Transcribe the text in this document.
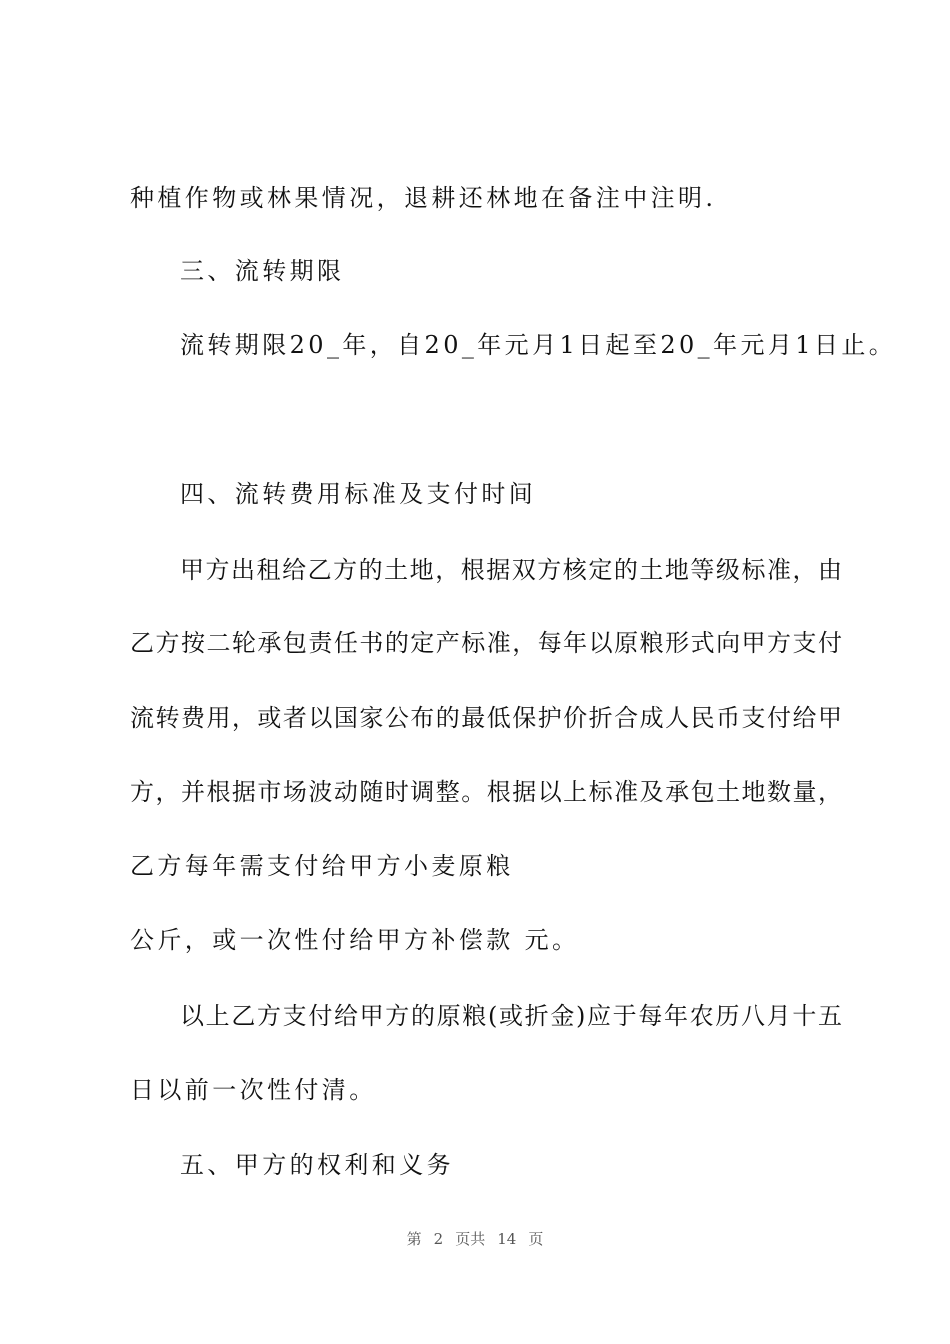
种植作物或林果情况，退耕还林地在备注中注明.
三、流转期限
流转期限20_年，自20_年元月1日起至20_年元月1日止。
四、流转费用标准及支付时间
甲方出租给乙方的土地，根据双方核定的土地等级标准，由
乙方按二轮承包责任书的定产标准，每年以原粮形式向甲方支付
流转费用，或者以国家公布的最低保护价折合成人民币支付给甲
方，并根据市场波动随时调整。根据以上标准及承包土地数量，
乙方每年需支付给甲方小麦原粮
公斤，或一次性付给甲方补偿款 元。
以上乙方支付给甲方的原粮(或折金)应于每年农历八月十五
日以前一次性付清。
五、甲方的权利和义务
第 2 页共 14 页
